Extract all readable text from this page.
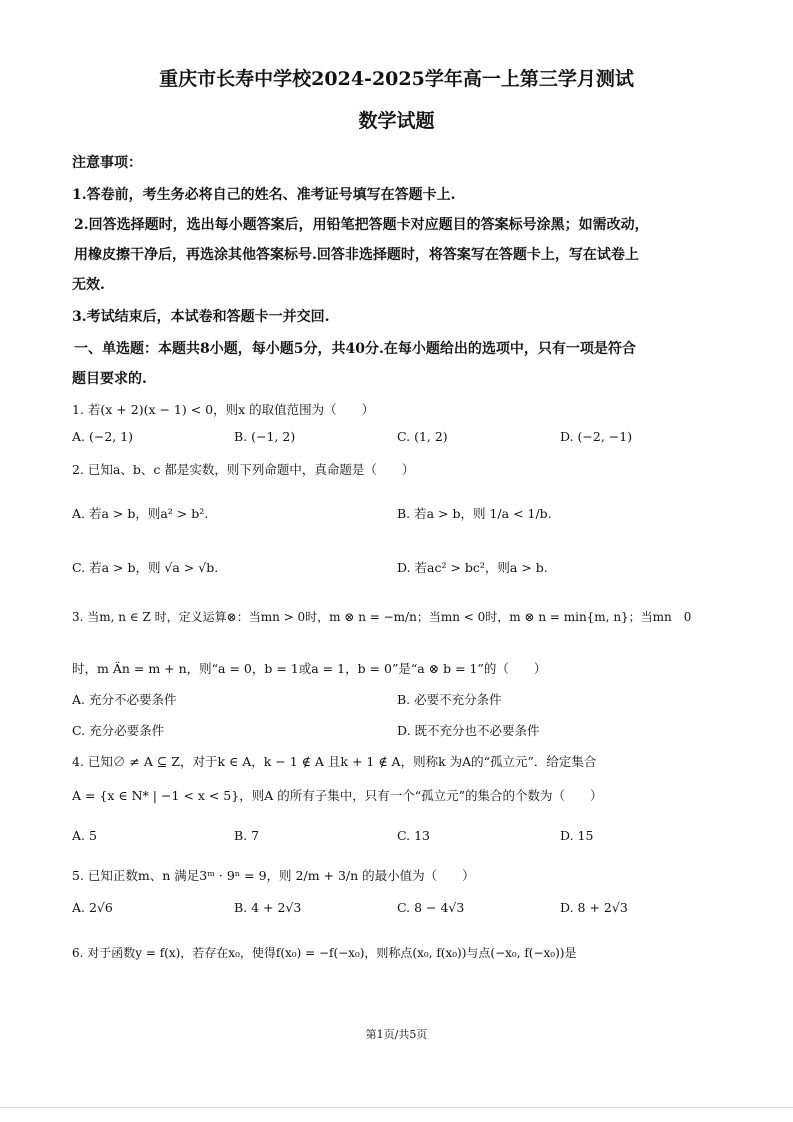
重庆市长寿中学校2024-2025学年高一上第三学月测试
数学试题
注意事项：
1.答卷前，考生务必将自己的姓名、准考证号填写在答题卡上.
2.回答选择题时，选出每小题答案后，用铅笔把答题卡对应题目的答案标号涂黑；如需改动，
用橡皮擦干净后，再选涂其他答案标号.回答非选择题时，将答案写在答题卡上，写在试卷上
无效.
3.考试结束后，本试卷和答题卡一并交回.
一、单选题：本题共8小题，每小题5分，共40分.在每小题给出的选项中，只有一项是符合
题目要求的.
1. 若(x + 2)(x − 1) < 0，则x 的取值范围为（　　）
A. (−2, 1)	B. (−1, 2)	C. (1, 2)	D. (−2, −1)
2. 已知a、b、c 都是实数，则下列命题中，真命题是（　　）
A. 若a > b，则a² > b².	B. 若a > b，则 1/a < 1/b.
C. 若a > b，则 √a > √b.	D. 若ac² > bc²，则a > b.
3. 当m, n ∈ Z 时，定义运算⊗：当mn > 0时，m ⊗ n = −m/n；当mn < 0时，m ⊗ n = min{m, n}；当mn　0
时，m Än = m + n，则“a = 0，b = 1或a = 1，b = 0”是“a ⊗ b = 1”的（　　）
A. 充分不必要条件	B. 必要不充分条件
C. 充分必要条件	D. 既不充分也不必要条件
4. 已知∅ ≠ A ⊆ Z，对于k ∈ A，k − 1 ∉ A 且k + 1 ∉ A，则称k 为A的“孤立元”．给定集合
A = {x ∈ N* | −1 < x < 5}，则A 的所有子集中，只有一个“孤立元”的集合的个数为（　　）
A. 5	B. 7	C. 13	D. 15
5. 已知正数m、n 满足3ᵐ · 9ⁿ = 9，则 2/m + 3/n 的最小值为（　　）
A. 2√6	B. 4 + 2√3	C. 8 − 4√3	D. 8 + 2√3
6. 对于函数y = f(x)，若存在x₀，使得f(x₀) = −f(−x₀)，则称点(x₀, f(x₀))与点(−x₀, f(−x₀))是
第1页/共5页
